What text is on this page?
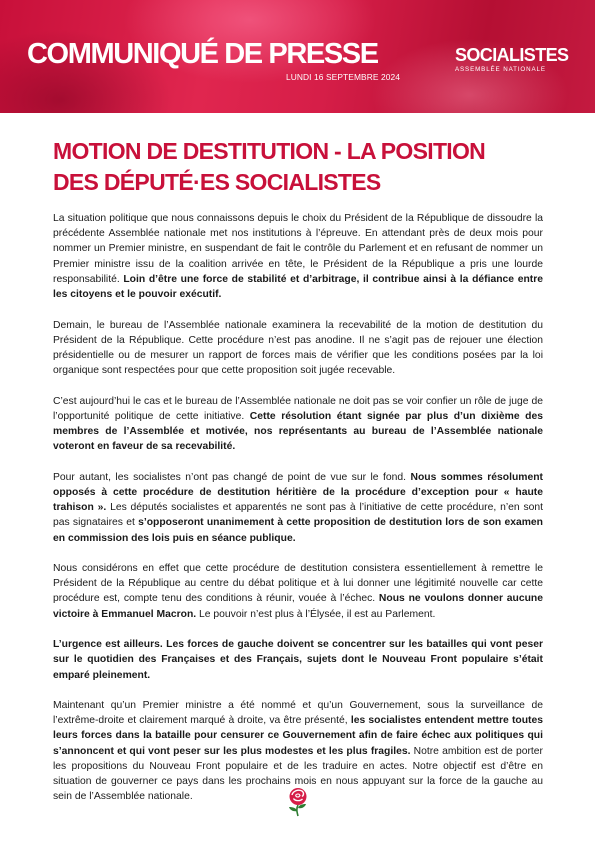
COMMUNIQUÉ DE PRESSE
LUNDI 16 SEPTEMBRE 2024
SOCIALISTES
ASSEMBLÉE NATIONALE
MOTION DE DESTITUTION - LA POSITION
DES DÉPUTÉ·ES SOCIALISTES

La situation politique que nous connaissons depuis le choix du Président de la République de dissoudre la précédente Assemblée nationale met nos institutions à l’épreuve. En attendant près de deux mois pour nommer un Premier ministre, en suspendant de fait le contrôle du Parlement et en refusant de nommer un Premier ministre issu de la coalition arrivée en tête, le Président de la République a pris une lourde responsabilité. Loin d’être une force de stabilité et d’arbitrage, il contribue ainsi à la défiance entre les citoyens et le pouvoir exécutif.

Demain, le bureau de l’Assemblée nationale examinera la recevabilité de la motion de destitution du Président de la République. Cette procédure n’est pas anodine. Il ne s’agit pas de rejouer une élection présidentielle ou de mesurer un rapport de forces mais de vérifier que les conditions posées par la loi organique sont respectées pour que cette proposition soit jugée recevable.

C’est aujourd’hui le cas et le bureau de l’Assemblée nationale ne doit pas se voir confier un rôle de juge de l’opportunité politique de cette initiative. Cette résolution étant signée par plus d’un dixième des membres de l’Assemblée et motivée, nos représentants au bureau de l’Assemblée nationale voteront en faveur de sa recevabilité.

Pour autant, les socialistes n’ont pas changé de point de vue sur le fond. Nous sommes résolument opposés à cette procédure de destitution héritière de la procédure d’exception pour « haute trahison ». Les députés socialistes et apparentés ne sont pas à l’initiative de cette procédure, n’en sont pas signataires et s’opposeront unanimement à cette proposition de destitution lors de son examen en commission des lois puis en séance publique.

Nous considérons en effet que cette procédure de destitution consistera essentiellement à remettre le Président de la République au centre du débat politique et à lui donner une légitimité nouvelle car cette procédure est, compte tenu des conditions à réunir, vouée à l’échec. Nous ne voulons donner aucune victoire à Emmanuel Macron. Le pouvoir n’est plus à l’Élysée, il est au Parlement.

L’urgence est ailleurs. Les forces de gauche doivent se concentrer sur les batailles qui vont peser sur le quotidien des Françaises et des Français, sujets dont le Nouveau Front populaire s’était emparé pleinement.

Maintenant qu’un Premier ministre a été nommé et qu’un Gouvernement, sous la surveillance de l’extrême-droite et clairement marqué à droite, va être présenté, les socialistes entendent mettre toutes leurs forces dans la bataille pour censurer ce Gouvernement afin de faire échec aux politiques qui s’annoncent et qui vont peser sur les plus modestes et les plus fragiles. Notre ambition est de porter les propositions du Nouveau Front populaire et de les traduire en actes. Notre objectif est d’être en situation de gouverner ce pays dans les prochains mois en nous appuyant sur la force de la gauche au sein de l’Assemblée nationale.
